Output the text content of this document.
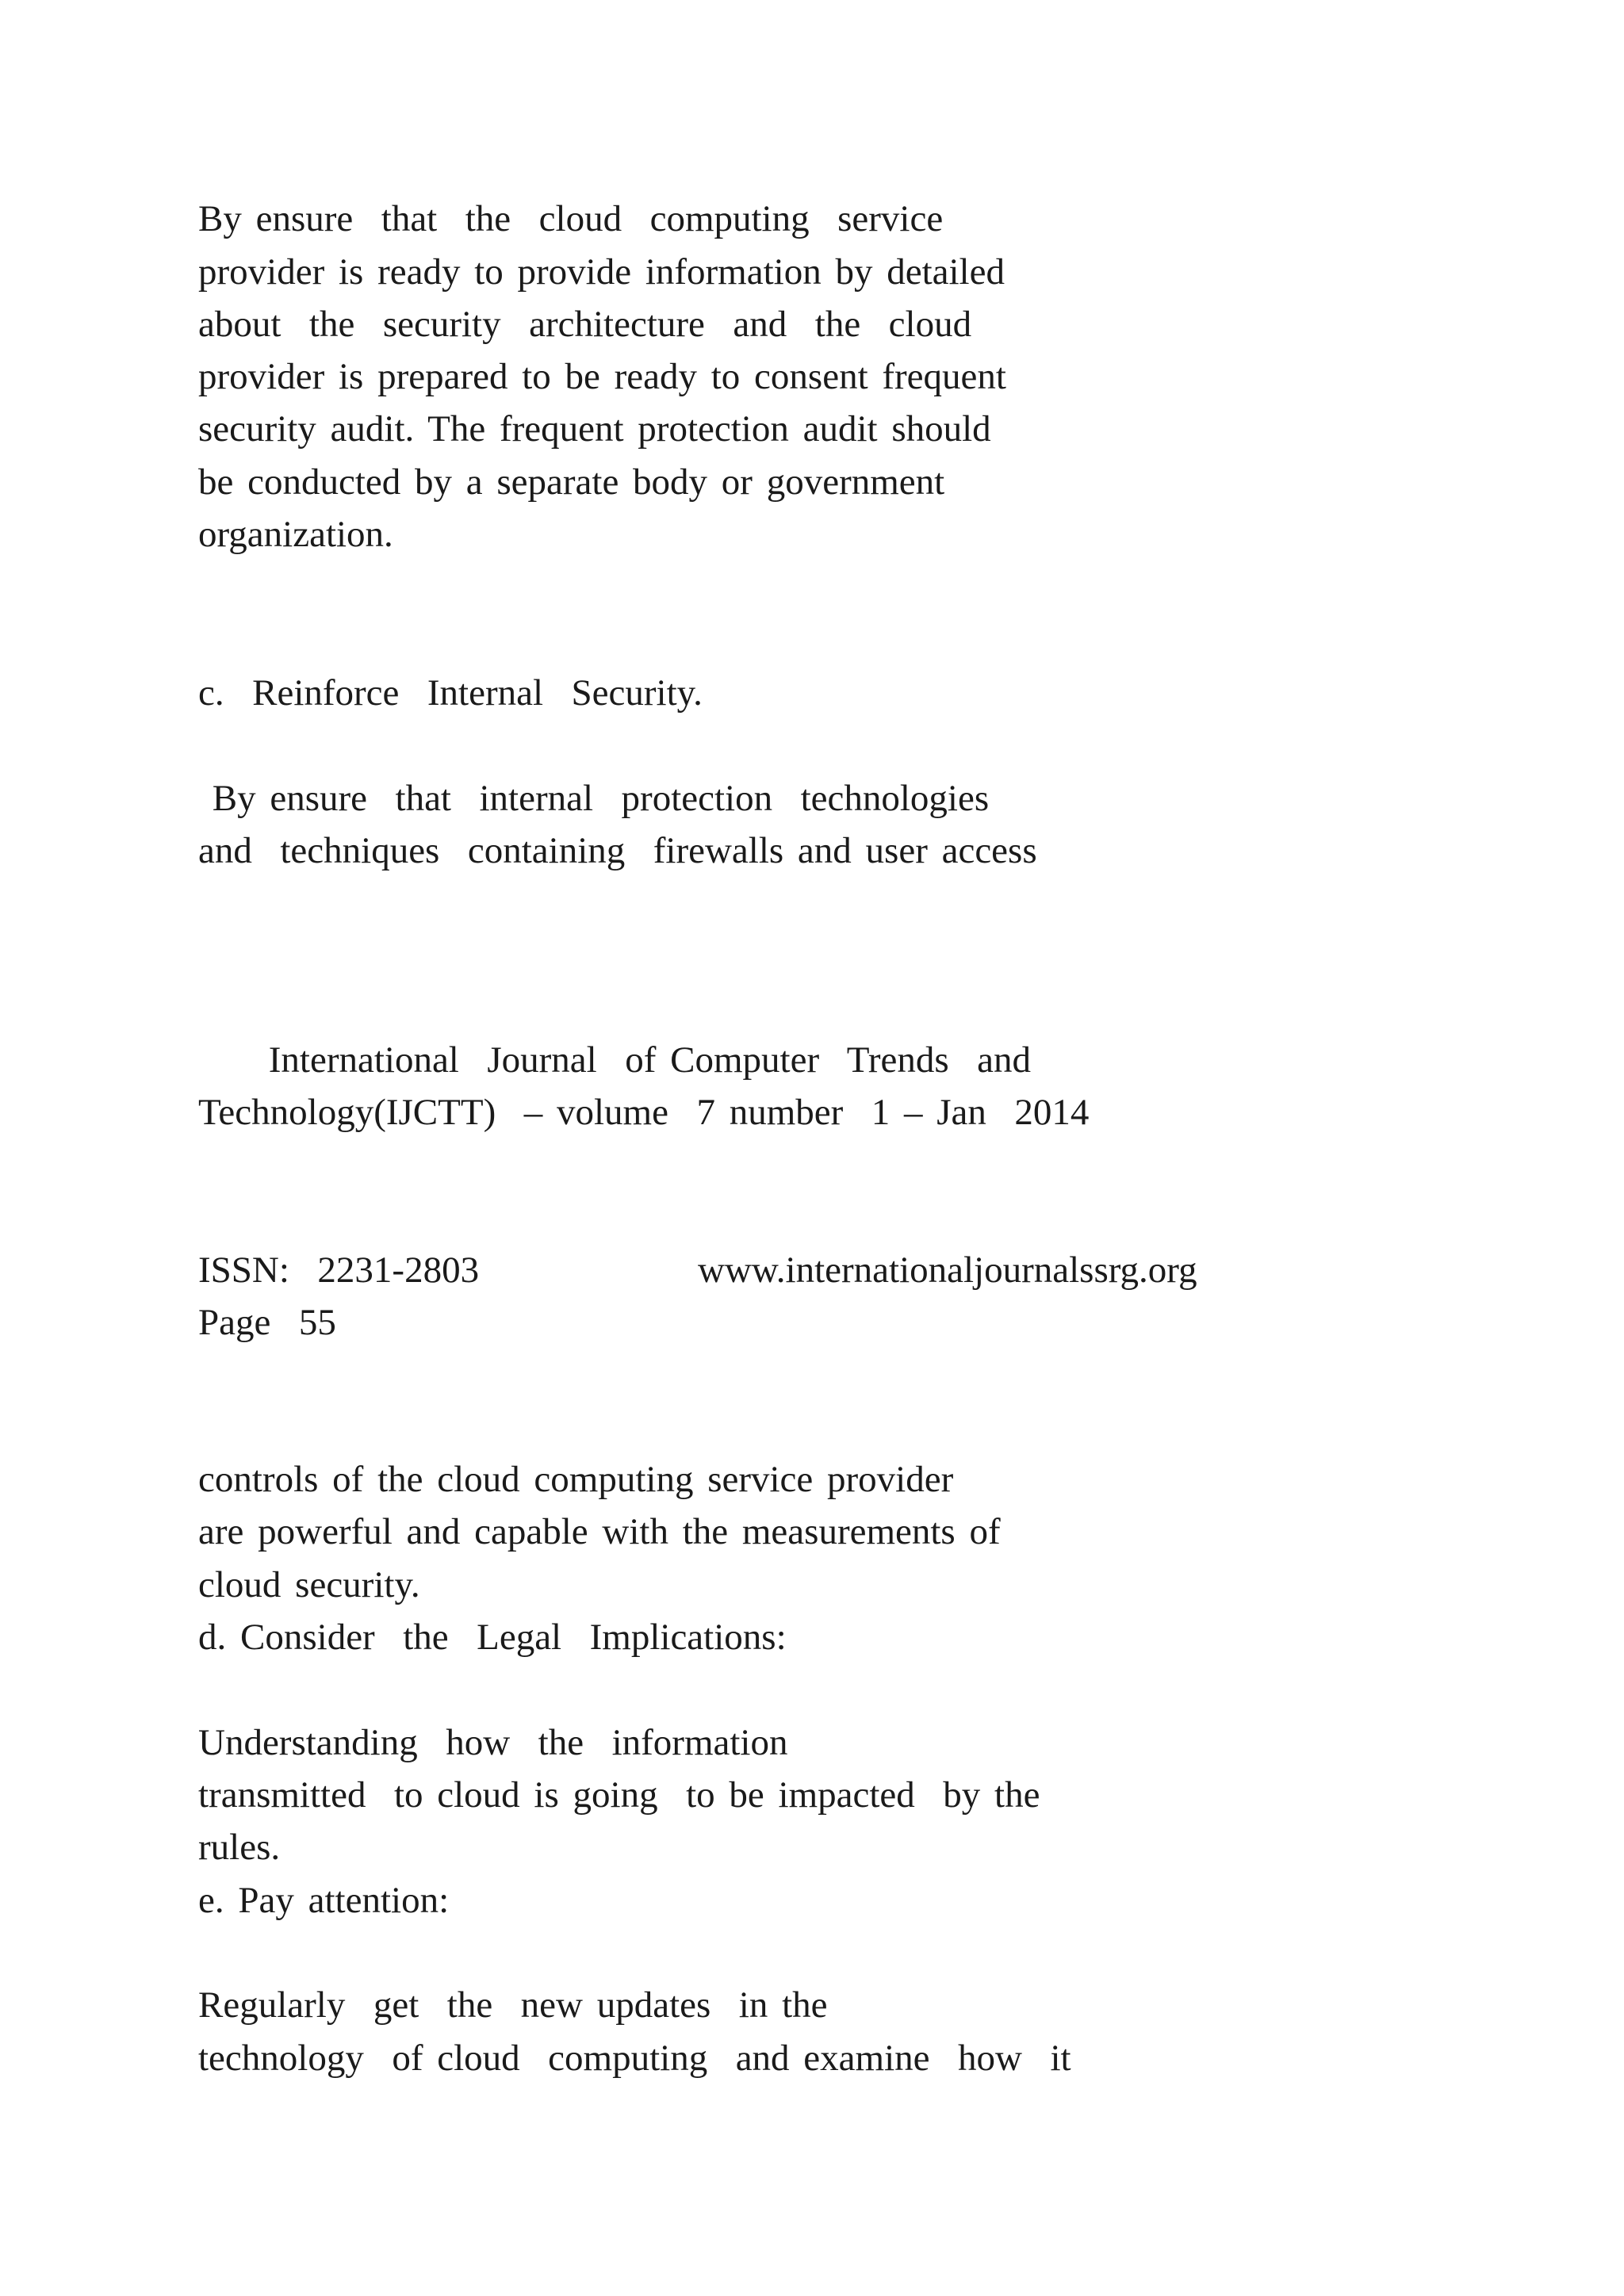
By ensure  that  the  cloud  computing  service
provider is ready to provide information by detailed
about  the  security  architecture  and  the  cloud
provider is prepared to be ready to consent frequent
security audit. The frequent protection audit should
be conducted by a separate body or government
organization.
c.  Reinforce  Internal  Security.
By ensure  that  internal  protection  technologies
and  techniques  containing  firewalls and user access
International  Journal  of Computer  Trends  and
Technology(IJCTT)  – volume  7 number  1 – Jan  2014
ISSN:  2231-2803	www.internationaljournalssrg.org
Page  55
controls of the cloud computing service provider
are powerful and capable with the measurements of
cloud security.
d. Consider  the  Legal  Implications:
Understanding  how  the  information
transmitted  to cloud is going  to be impacted  by the
rules.
e. Pay attention:
Regularly  get  the  new updates  in the
technology  of cloud  computing  and examine  how  it
